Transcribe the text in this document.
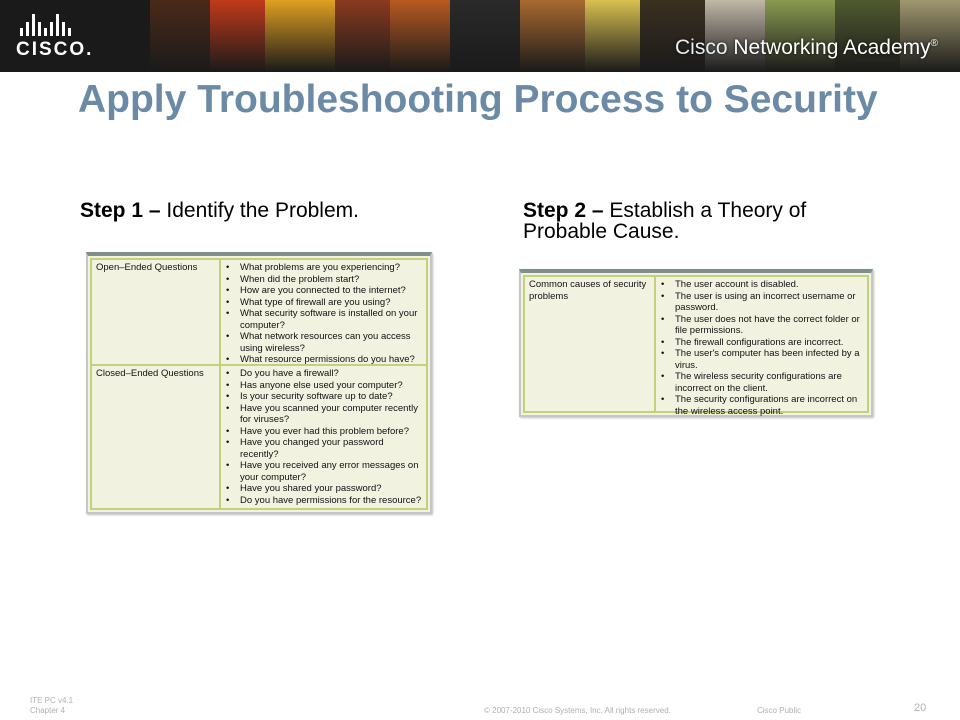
CISCO.	Cisco Networking Academy®
Apply Troubleshooting Process to Security
Step 1 – Identify the Problem.	Step 2 – Establish a Theory of Probable Cause.
Open–Ended Questions	• What problems are you experiencing?
• When did the problem start?
• How are you connected to the internet?
• What type of firewall are you using?
• What security software is installed on your computer?
• What network resources can you access using wireless?
• What resource permissions do you have?
Closed–Ended Questions	• Do you have a firewall?
• Has anyone else used your computer?
• Is your security software up to date?
• Have you scanned your computer recently for viruses?
• Have you ever had this problem before?
• Have you changed your password recently?
• Have you received any error messages on your computer?
• Have you shared your password?
• Do you have permissions for the resource?
Common causes of security problems
• The user account is disabled.
• The user is using an incorrect username or password.
• The user does not have the correct folder or file permissions.
• The firewall configurations are incorrect.
• The user's computer has been infected by a virus.
• The wireless security configurations are incorrect on the client.
• The security configurations are incorrect on the wireless access point.
ITE PC v4.1
Chapter 4	© 2007-2010 Cisco Systems, Inc. All rights reserved.	Cisco Public	20
